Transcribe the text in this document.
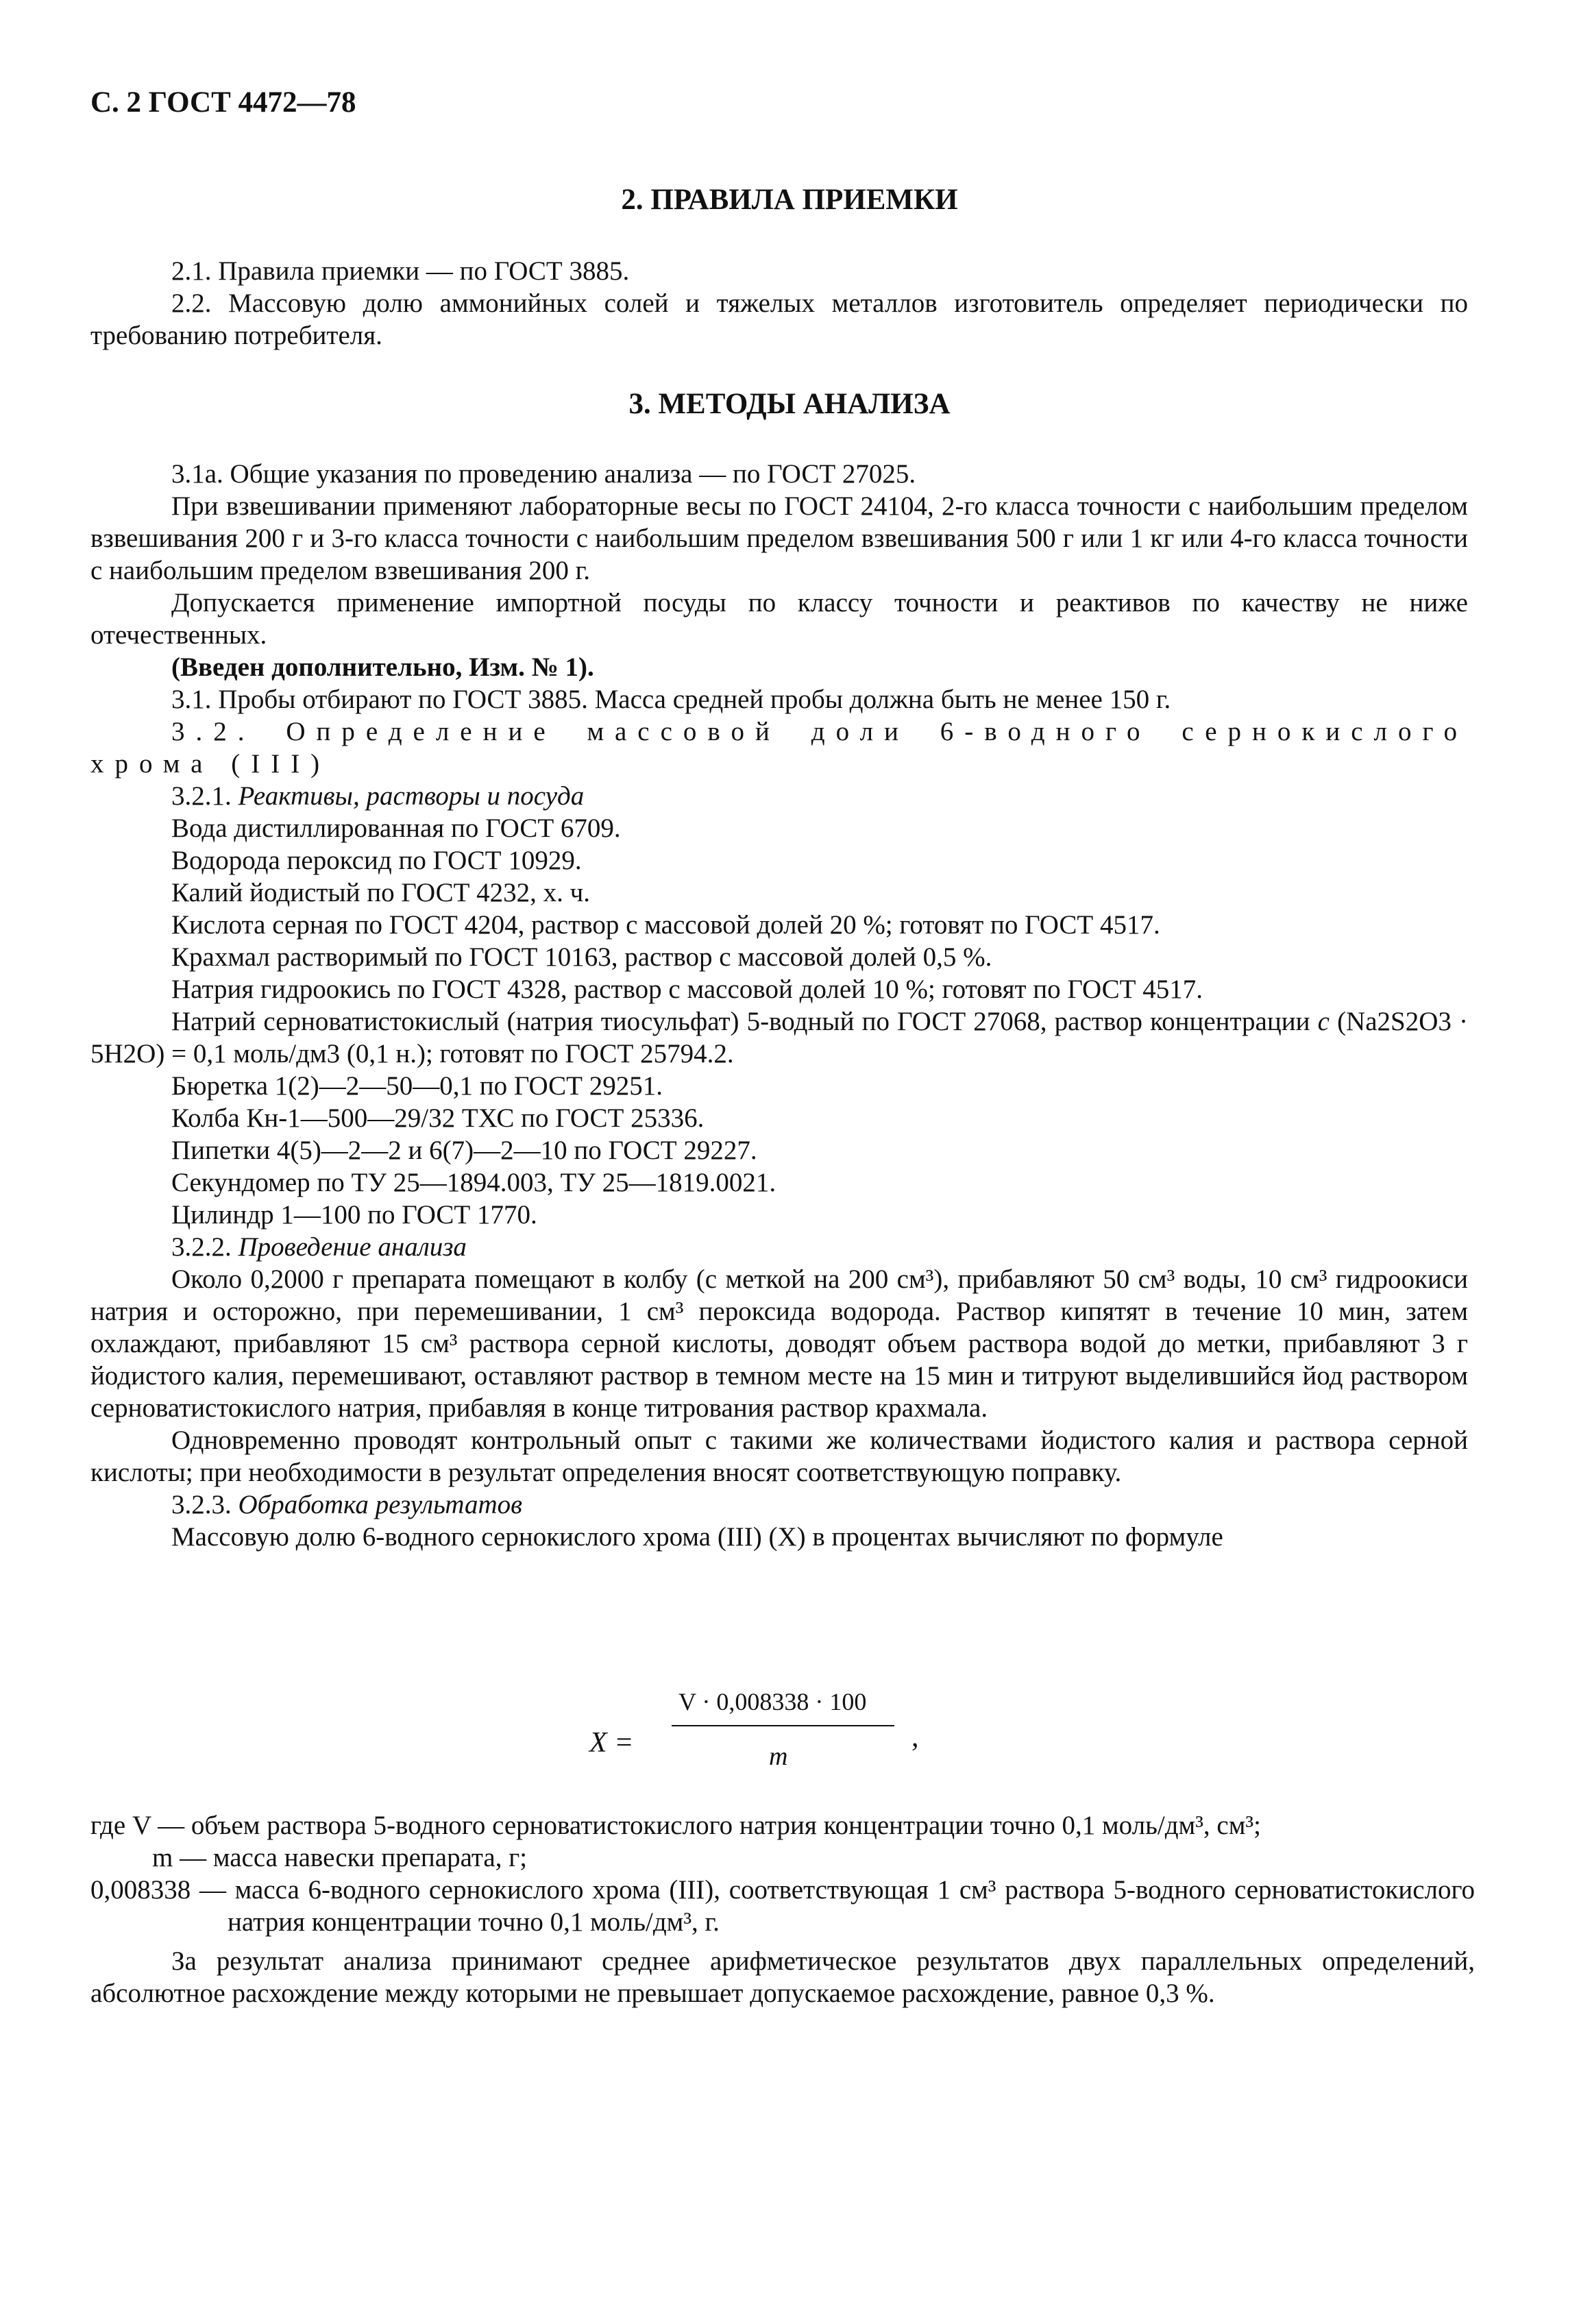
С. 2 ГОСТ 4472—78
2. ПРАВИЛА ПРИЕМКИ

2.1. Правила приемки — по ГОСТ 3885.

2.2. Массовую долю аммонийных солей и тяжелых металлов изготовитель определяет периодически по требованию потребителя.

3. МЕТОДЫ АНАЛИЗА

3.1а. Общие указания по проведению анализа — по ГОСТ 27025.

При взвешивании применяют лабораторные весы по ГОСТ 24104, 2-го класса точности с наибольшим пределом взвешивания 200 г и 3-го класса точности с наибольшим пределом взвешивания 500 г или 1 кг или 4-го класса точности с наибольшим пределом взвешивания 200 г.

Допускается применение импортной посуды по классу точности и реактивов по качеству не ниже отечественных.

(Введен дополнительно, Изм. № 1).

3.1. Пробы отбирают по ГОСТ 3885. Масса средней пробы должна быть не менее 150 г.

3.2. Определение массовой доли 6-водного сернокислого хрома (III)

3.2.1. Реактивы, растворы и посуда

Вода дистиллированная по ГОСТ 6709.

Водорода пероксид по ГОСТ 10929.

Калий йодистый по ГОСТ 4232, х. ч.

Кислота серная по ГОСТ 4204, раствор с массовой долей 20 %; готовят по ГОСТ 4517.

Крахмал растворимый по ГОСТ 10163, раствор с массовой долей 0,5 %.

Натрия гидроокись по ГОСТ 4328, раствор с массовой долей 10 %; готовят по ГОСТ 4517.

Натрий серноватистокислый (натрия тиосульфат) 5-водный по ГОСТ 27068, раствор концентрации c (Na2S2O3 · 5H2O) = 0,1 моль/дм3 (0,1 н.); готовят по ГОСТ 25794.2.

Бюретка 1(2)—2—50—0,1 по ГОСТ 29251.

Колба Кн-1—500—29/32 ТХС по ГОСТ 25336.

Пипетки 4(5)—2—2 и 6(7)—2—10 по ГОСТ 29227.

Секундомер по ТУ 25—1894.003, ТУ 25—1819.0021.

Цилиндр 1—100 по ГОСТ 1770.

3.2.2. Проведение анализа

Около 0,2000 г препарата помещают в колбу (с меткой на 200 см³), прибавляют 50 см³ воды, 10 см³ гидроокиси натрия и осторожно, при перемешивании, 1 см³ пероксида водорода. Раствор кипятят в течение 10 мин, затем охлаждают, прибавляют 15 см³ раствора серной кислоты, доводят объем раствора водой до метки, прибавляют 3 г йодистого калия, перемешивают, оставляют раствор в темном месте на 15 мин и титруют выделившийся йод раствором серноватистокислого натрия, прибавляя в конце титрования раствор крахмала.

Одновременно проводят контрольный опыт с такими же количествами йодистого калия и раствора серной кислоты; при необходимости в результат определения вносят соответствующую поправку.

3.2.3. Обработка результатов

Массовую долю 6-водного сернокислого хрома (III) (X) в процентах вычисляют по формуле

X =
V · 0,008338 · 100
m
,

где V — объем раствора 5-водного серноватистокислого натрия концентрации точно 0,1 моль/дм³, см³;

m — масса навески препарата, г;

0,008338 — масса 6-водного сернокислого хрома (III), соответствующая 1 см³ раствора 5-водного серноватистокислого натрия концентрации точно 0,1 моль/дм³, г.

За результат анализа принимают среднее арифметическое результатов двух параллельных определений, абсолютное расхождение между которыми не превышает допускаемое расхождение, равное 0,3 %.
